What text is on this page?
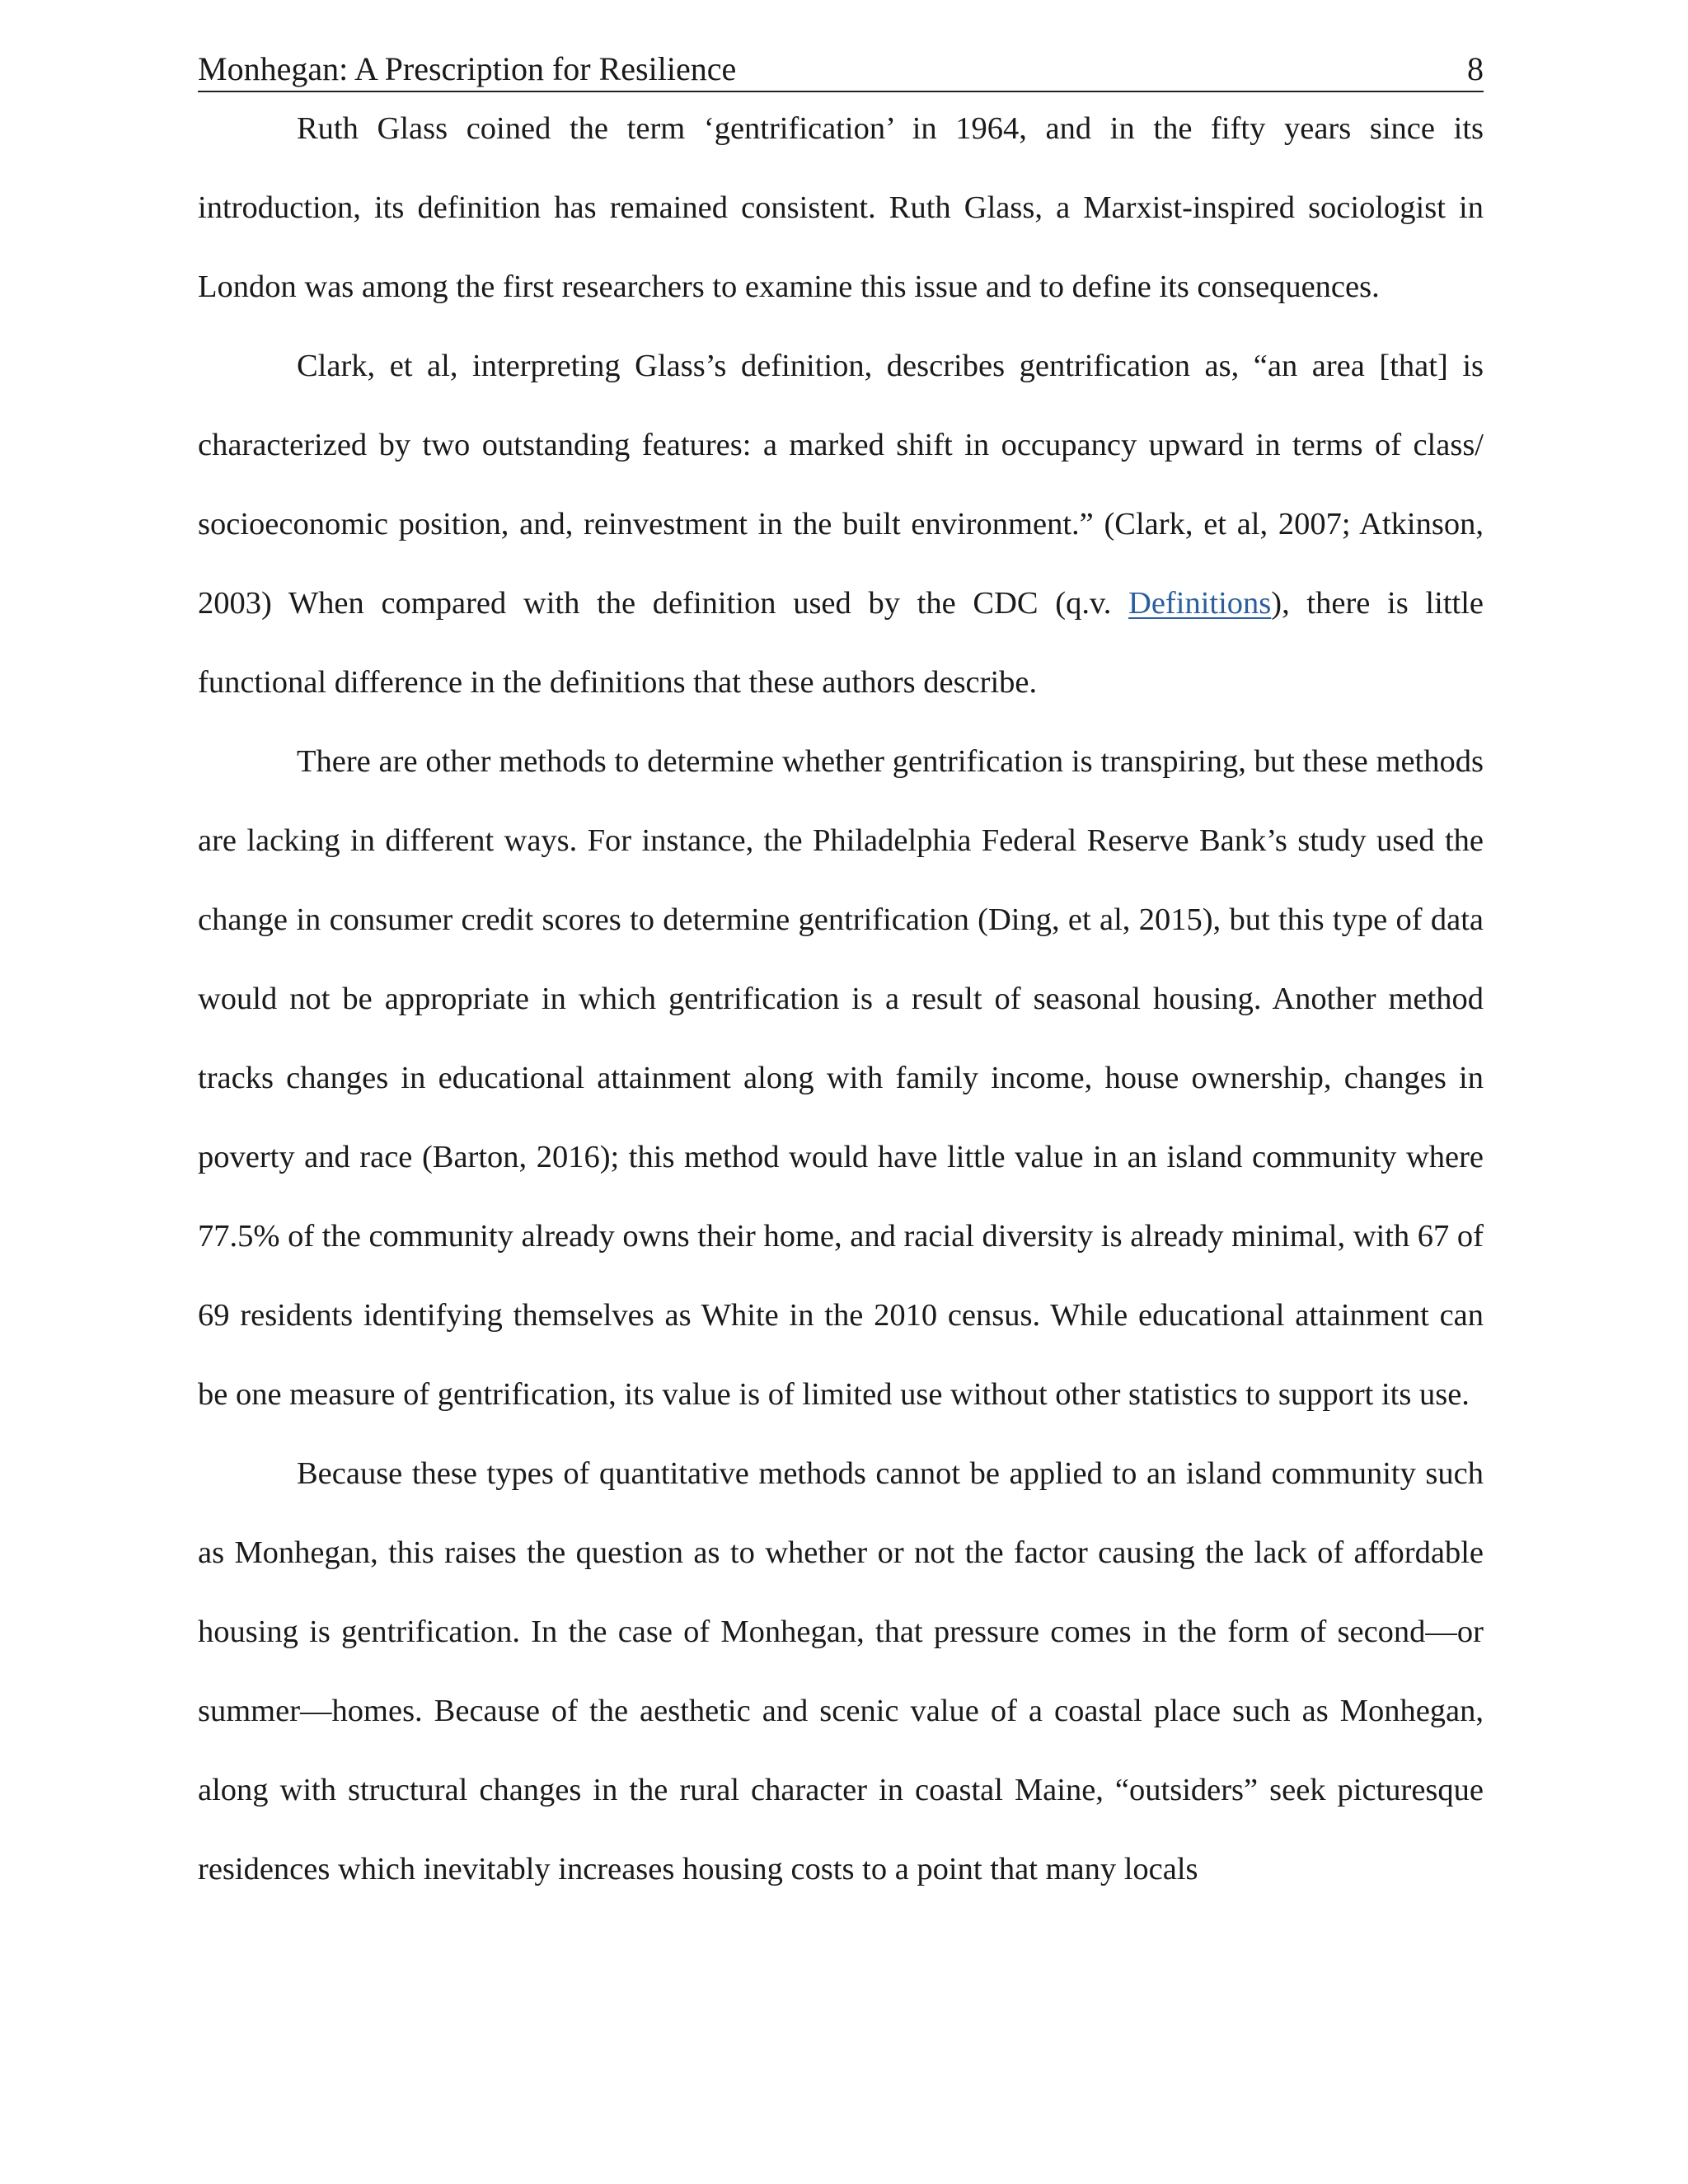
Monhegan: A Prescription for Resilience	8

Ruth Glass coined the term ‘gentrification’ in 1964, and in the fifty years since its introduction, its definition has remained consistent. Ruth Glass, a Marxist-inspired sociologist in London was among the first researchers to examine this issue and to define its consequences.

Clark, et al, interpreting Glass’s definition, describes gentrification as, “an area [that] is characterized by two outstanding features: a marked shift in occupancy upward in terms of class/ socioeconomic position, and, reinvestment in the built environment.” (Clark, et al, 2007; Atkinson, 2003) When compared with the definition used by the CDC (q.v. Definitions), there is little functional difference in the definitions that these authors describe.

There are other methods to determine whether gentrification is transpiring, but these methods are lacking in different ways. For instance, the Philadelphia Federal Reserve Bank’s study used the change in consumer credit scores to determine gentrification (Ding, et al, 2015), but this type of data would not be appropriate in which gentrification is a result of seasonal housing. Another method tracks changes in educational attainment along with family income, house ownership, changes in poverty and race (Barton, 2016); this method would have little value in an island community where 77.5% of the community already owns their home, and racial diversity is already minimal, with 67 of 69 residents identifying themselves as White in the 2010 census. While educational attainment can be one measure of gentrification, its value is of limited use without other statistics to support its use.

Because these types of quantitative methods cannot be applied to an island community such as Monhegan, this raises the question as to whether or not the factor causing the lack of affordable housing is gentrification. In the case of Monhegan, that pressure comes in the form of second—or summer—homes. Because of the aesthetic and scenic value of a coastal place such as Monhegan, along with structural changes in the rural character in coastal Maine, “outsiders” seek picturesque residences which inevitably increases housing costs to a point that many locals
